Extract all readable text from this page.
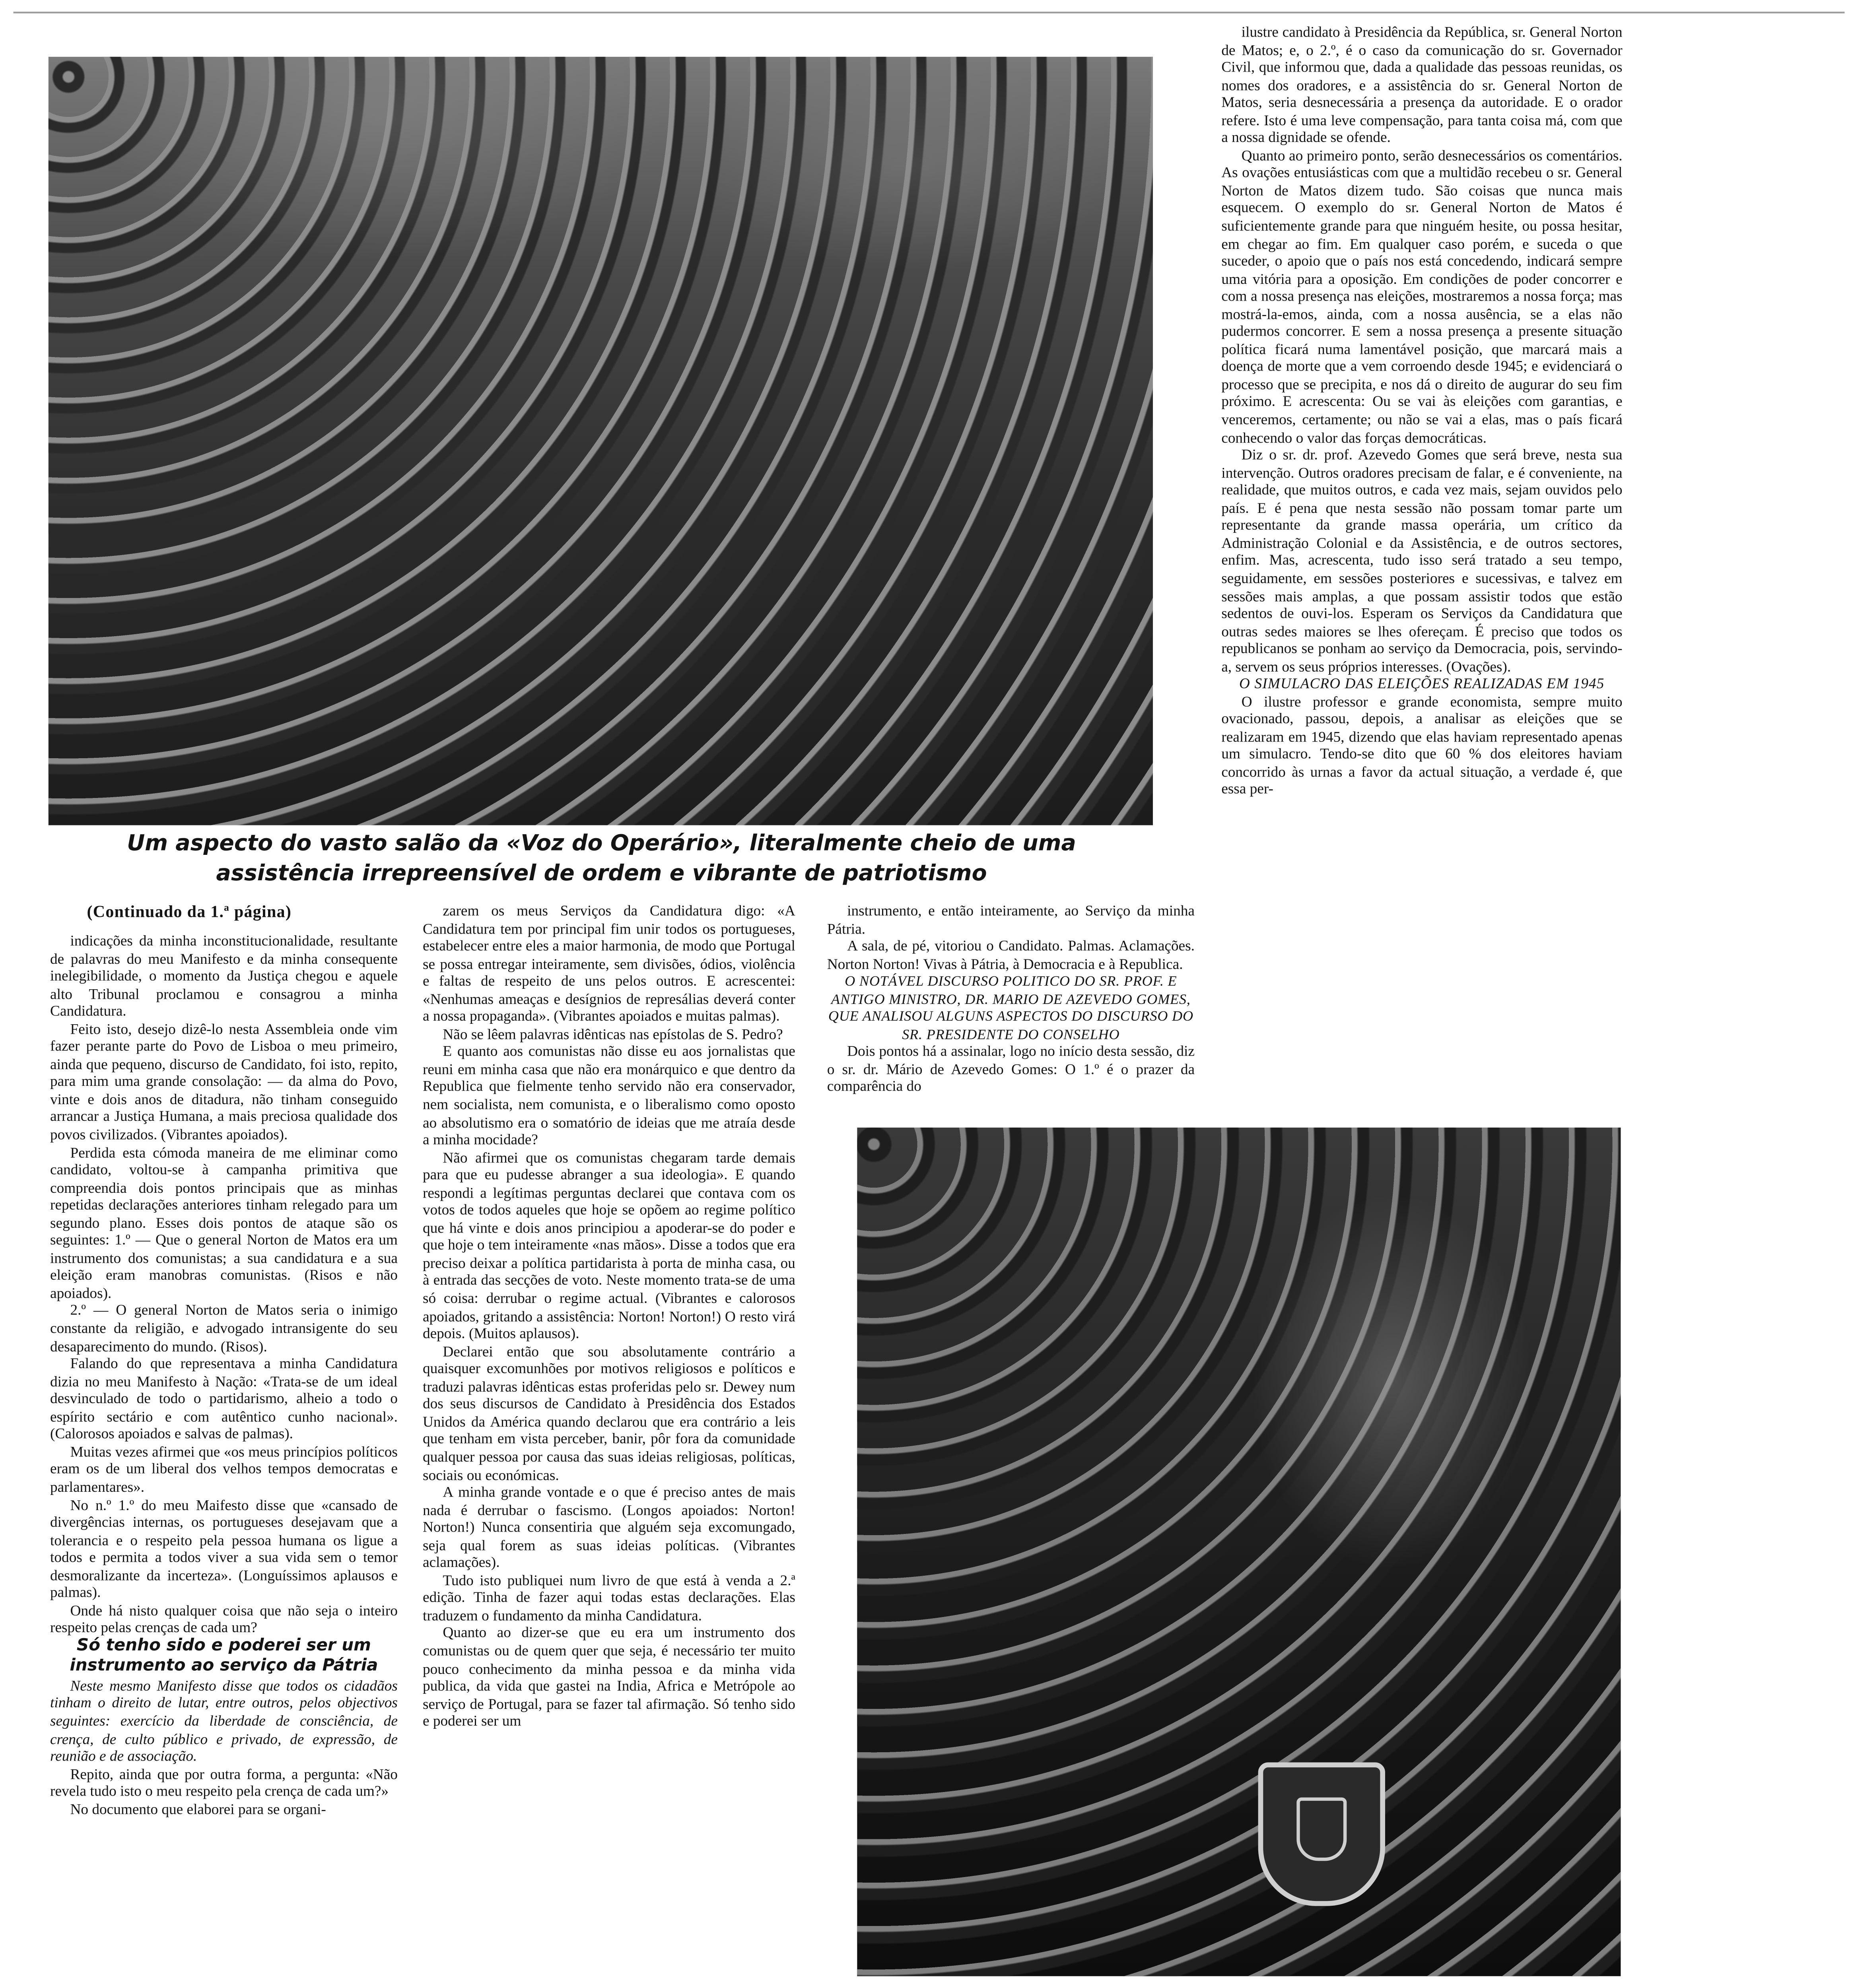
Um aspecto do vasto salão da «Voz do Operário», literalmente cheio de uma assistência irrepreensível de ordem e vibrante de patriotismo

(Continuado da 1.ª página)

indicações da minha inconstitucionalidade, resultante de palavras do meu Manifesto e da minha consequente inelegibilidade, o momento da Justiça chegou e aquele alto Tribunal proclamou e consagrou a minha Candidatura.

Feito isto, desejo dizê-lo nesta Assembleia onde vim fazer perante parte do Povo de Lisboa o meu primeiro, ainda que pequeno, discurso de Candidato, foi isto, repito, para mim uma grande consolação: — da alma do Povo, vinte e dois anos de ditadura, não tinham conseguido arrancar a Justiça Humana, a mais preciosa qualidade dos povos civilizados. (Vibrantes apoiados).

Perdida esta cómoda maneira de me eliminar como candidato, voltou-se à campanha primitiva que compreendia dois pontos principais que as minhas repetidas declarações anteriores tinham relegado para um segundo plano. Esses dois pontos de ataque são os seguintes: 1.º — Que o general Norton de Matos era um instrumento dos comunistas; a sua candidatura e a sua eleição eram manobras comunistas. (Risos e não apoiados).

2.º — O general Norton de Matos seria o inimigo constante da religião, e advogado intransigente do seu desaparecimento do mundo. (Risos).

Falando do que representava a minha Candidatura dizia no meu Manifesto à Nação: «Trata-se de um ideal desvinculado de todo o partidarismo, alheio a todo o espírito sectário e com autêntico cunho nacional». (Calorosos apoiados e salvas de palmas).

Muitas vezes afirmei que «os meus princípios políticos eram os de um liberal dos velhos tempos democratas e parlamentares».

No n.º 1.º do meu Maifesto disse que «cansado de divergências internas, os portugueses desejavam que a tolerancia e o respeito pela pessoa humana os ligue a todos e permita a todos viver a sua vida sem o temor desmoralizante da incerteza». (Longuíssimos aplausos e palmas).

Onde há nisto qualquer coisa que não seja o inteiro respeito pelas crenças de cada um?

Só tenho sido e poderei ser um instrumento ao serviço da Pátria

Neste mesmo Manifesto disse que todos os cidadãos tinham o direito de lutar, entre outros, pelos objectivos seguintes: exercício da liberdade de consciência, de crença, de culto público e privado, de expressão, de reunião e de associação.

Repito, ainda que por outra forma, a pergunta: «Não revela tudo isto o meu respeito pela crença de cada um?»

No documento que elaborei para se organi-

zarem os meus Serviços da Candidatura digo: «A Candidatura tem por principal fim unir todos os portugueses, estabelecer entre eles a maior harmonia, de modo que Portugal se possa entregar inteiramente, sem divisões, ódios, violência e faltas de respeito de uns pelos outros. E acrescentei: «Nenhumas ameaças e desígnios de represálias deverá conter a nossa propaganda». (Vibrantes apoiados e muitas palmas).

Não se lêem palavras idênticas nas epístolas de S. Pedro?

E quanto aos comunistas não disse eu aos jornalistas que reuni em minha casa que não era monárquico e que dentro da Republica que fielmente tenho servido não era conservador, nem socialista, nem comunista, e o liberalismo como oposto ao absolutismo era o somatório de ideias que me atraía desde a minha mocidade?

Não afirmei que os comunistas chegaram tarde demais para que eu pudesse abranger a sua ideologia». E quando respondi a legítimas perguntas declarei que contava com os votos de todos aqueles que hoje se opõem ao regime político que há vinte e dois anos principiou a apoderar-se do poder e que hoje o tem inteiramente «nas mãos». Disse a todos que era preciso deixar a política partidarista à porta de minha casa, ou à entrada das secções de voto. Neste momento trata-se de uma só coisa: derrubar o regime actual. (Vibrantes e calorosos apoiados, gritando a assistência: Norton! Norton!) O resto virá depois. (Muitos aplausos).

Declarei então que sou absolutamente contrário a quaisquer excomunhões por motivos religiosos e políticos e traduzi palavras idênticas estas proferidas pelo sr. Dewey num dos seus discursos de Candidato à Presidência dos Estados Unidos da América quando declarou que era contrário a leis que tenham em vista perceber, banir, pôr fora da comunidade qualquer pessoa por causa das suas ideias religiosas, políticas, sociais ou económicas.

A minha grande vontade e o que é preciso antes de mais nada é derrubar o fascismo. (Longos apoiados: Norton! Norton!) Nunca consentiria que alguém seja excomungado, seja qual forem as suas ideias políticas. (Vibrantes aclamações).

Tudo isto publiquei num livro de que está à venda a 2.ª edição. Tinha de fazer aqui todas estas declarações. Elas traduzem o fundamento da minha Candidatura.

Quanto ao dizer-se que eu era um instrumento dos comunistas ou de quem quer que seja, é necessário ter muito pouco conhecimento da minha pessoa e da minha vida publica, da vida que gastei na India, Africa e Metrópole ao serviço de Portugal, para se fazer tal afirmação. Só tenho sido e poderei ser um

instrumento, e então inteiramente, ao Serviço da minha Pátria.

A sala, de pé, vitoriou o Candidato. Palmas. Aclamações. Norton Norton! Vivas à Pátria, à Democracia e à Republica.

O NOTÁVEL DISCURSO POLITICO DO SR. PROF. E ANTIGO MINISTRO, DR. MARIO DE AZEVEDO GOMES, QUE ANALISOU ALGUNS ASPECTOS DO DISCURSO DO SR. PRESIDENTE DO CONSELHO

Dois pontos há a assinalar, logo no início desta sessão, diz o sr. dr. Mário de Azevedo Gomes: O 1.º é o prazer da comparência do

ilustre candidato à Presidência da República, sr. General Norton de Matos; e, o 2.º, é o caso da comunicação do sr. Governador Civil, que informou que, dada a qualidade das pessoas reunidas, os nomes dos oradores, e a assistência do sr. General Norton de Matos, seria desnecessária a presença da autoridade. E o orador refere. Isto é uma leve compensação, para tanta coisa má, com que a nossa dignidade se ofende.

Quanto ao primeiro ponto, serão desnecessários os comentários. As ovações entusiásticas com que a multidão recebeu o sr. General Norton de Matos dizem tudo. São coisas que nunca mais esquecem. O exemplo do sr. General Norton de Matos é suficientemente grande para que ninguém hesite, ou possa hesitar, em chegar ao fim. Em qualquer caso porém, e suceda o que suceder, o apoio que o país nos está concedendo, indicará sempre uma vitória para a oposição. Em condições de poder concorrer e com a nossa presença nas eleições, mostraremos a nossa força; mas mostrá-la-emos, ainda, com a nossa ausência, se a elas não pudermos concorrer. E sem a nossa presença a presente situação política ficará numa lamentável posição, que marcará mais a doença de morte que a vem corroendo desde 1945; e evidenciará o processo que se precipita, e nos dá o direito de augurar do seu fim próximo. E acrescenta: Ou se vai às eleições com garantias, e venceremos, certamente; ou não se vai a elas, mas o país ficará conhecendo o valor das forças democráticas.

Diz o sr. dr. prof. Azevedo Gomes que será breve, nesta sua intervenção. Outros oradores precisam de falar, e é conveniente, na realidade, que muitos outros, e cada vez mais, sejam ouvidos pelo país. E é pena que nesta sessão não possam tomar parte um representante da grande massa operária, um crítico da Administração Colonial e da Assistência, e de outros sectores, enfim. Mas, acrescenta, tudo isso será tratado a seu tempo, seguidamente, em sessões posteriores e sucessivas, e talvez em sessões mais amplas, a que possam assistir todos que estão sedentos de ouvi-los. Esperam os Serviços da Candidatura que outras sedes maiores se lhes ofereçam. É preciso que todos os republicanos se ponham ao serviço da Democracia, pois, servindo-a, servem os seus próprios interesses. (Ovações).

O SIMULACRO DAS ELEIÇÕES REALIZADAS EM 1945

O ilustre professor e grande economista, sempre muito ovacionado, passou, depois, a analisar as eleições que se realizaram em 1945, dizendo que elas haviam representado apenas um simulacro. Tendo-se dito que 60 % dos eleitores haviam concorrido às urnas a favor da actual situação, a verdade é, que essa per-
